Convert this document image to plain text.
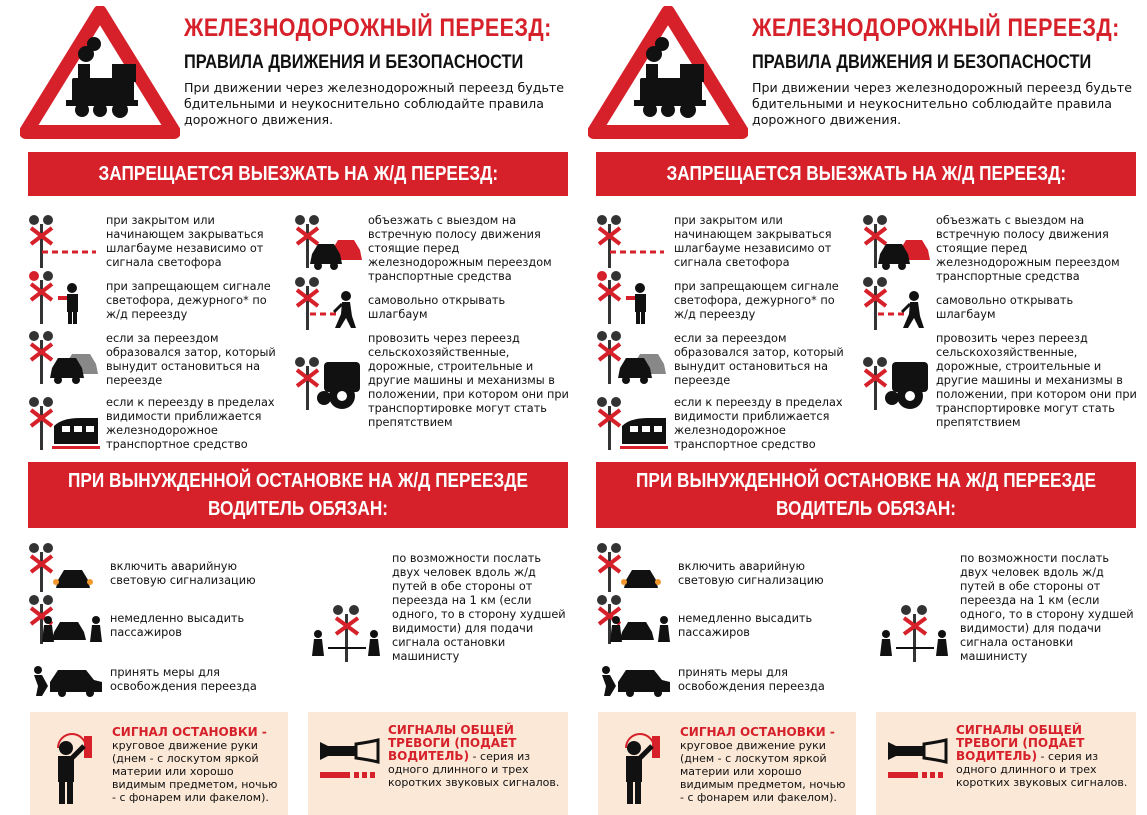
ЖЕЛЕЗНОДОРОЖНЫЙ ПЕРЕЕЗД:
ПРАВИЛА ДВИЖЕНИЯ И БЕЗОПАСНОСТИ
При движении через железнодорожный переезд будьте бдительными и неукоснительно соблюдайте правила дорожного движения.
ЗАПРЕЩАЕТСЯ ВЫЕЗЖАТЬ НА Ж/Д ПЕРЕЕЗД:
при закрытом или начинающем закрываться шлагбауме независимо от сигнала светофора
при запрещающем сигнале светофора, дежурного* по ж/д переезду
если за переездом образовался затор, который вынудит остановиться на переезде
если к переезду в пределах видимости приближается железнодорожное транспортное средство
объезжать с выездом на встречную полосу движения стоящие перед железнодорожным переездом транспортные средства
самовольно открывать шлагбаум
провозить через переезд сельскохозяйственные, дорожные, строительные и другие машины и механизмы в положении, при котором они при транспортировке могут стать препятствием
ПРИ ВЫНУЖДЕННОЙ ОСТАНОВКЕ НА Ж/Д ПЕРЕЕЗДЕ
ВОДИТЕЛЬ ОБЯЗАН:
включить аварийную световую сигнализацию
немедленно высадить пассажиров
принять меры для освобождения переезда
по возможности послать двух человек вдоль ж/д путей в обе стороны от переезда на 1 км (если одного, то в сторону худшей видимости) для подачи сигнала остановки машинисту
СИГНАЛ ОСТАНОВКИ - круговое движение руки (днем - с лоскутом яркой материи или хорошо видимым предметом, ночью - с фонарем или факелом).
СИГНАЛЫ ОБЩЕЙ ТРЕВОГИ (ПОДАЕТ ВОДИТЕЛЬ) - серия из одного длинного и трех коротких звуковых сигналов.
ЖЕЛЕЗНОДОРОЖНЫЙ ПЕРЕЕЗД:
ПРАВИЛА ДВИЖЕНИЯ И БЕЗОПАСНОСТИ
При движении через железнодорожный переезд будьте бдительными и неукоснительно соблюдайте правила дорожного движения.
ЗАПРЕЩАЕТСЯ ВЫЕЗЖАТЬ НА Ж/Д ПЕРЕЕЗД:
при закрытом или начинающем закрываться шлагбауме независимо от сигнала светофора
при запрещающем сигнале светофора, дежурного* по ж/д переезду
если за переездом образовался затор, который вынудит остановиться на переезде
если к переезду в пределах видимости приближается железнодорожное транспортное средство
объезжать с выездом на встречную полосу движения стоящие перед железнодорожным переездом транспортные средства
самовольно открывать шлагбаум
провозить через переезд сельскохозяйственные, дорожные, строительные и другие машины и механизмы в положении, при котором они при транспортировке могут стать препятствием
ПРИ ВЫНУЖДЕННОЙ ОСТАНОВКЕ НА Ж/Д ПЕРЕЕЗДЕ
ВОДИТЕЛЬ ОБЯЗАН:
включить аварийную световую сигнализацию
немедленно высадить пассажиров
принять меры для освобождения переезда
по возможности послать двух человек вдоль ж/д путей в обе стороны от переезда на 1 км (если одного, то в сторону худшей видимости) для подачи сигнала остановки машинисту
СИГНАЛ ОСТАНОВКИ - круговое движение руки (днем - с лоскутом яркой материи или хорошо видимым предметом, ночью - с фонарем или факелом).
СИГНАЛЫ ОБЩЕЙ ТРЕВОГИ (ПОДАЕТ ВОДИТЕЛЬ) - серия из одного длинного и трех коротких звуковых сигналов.
